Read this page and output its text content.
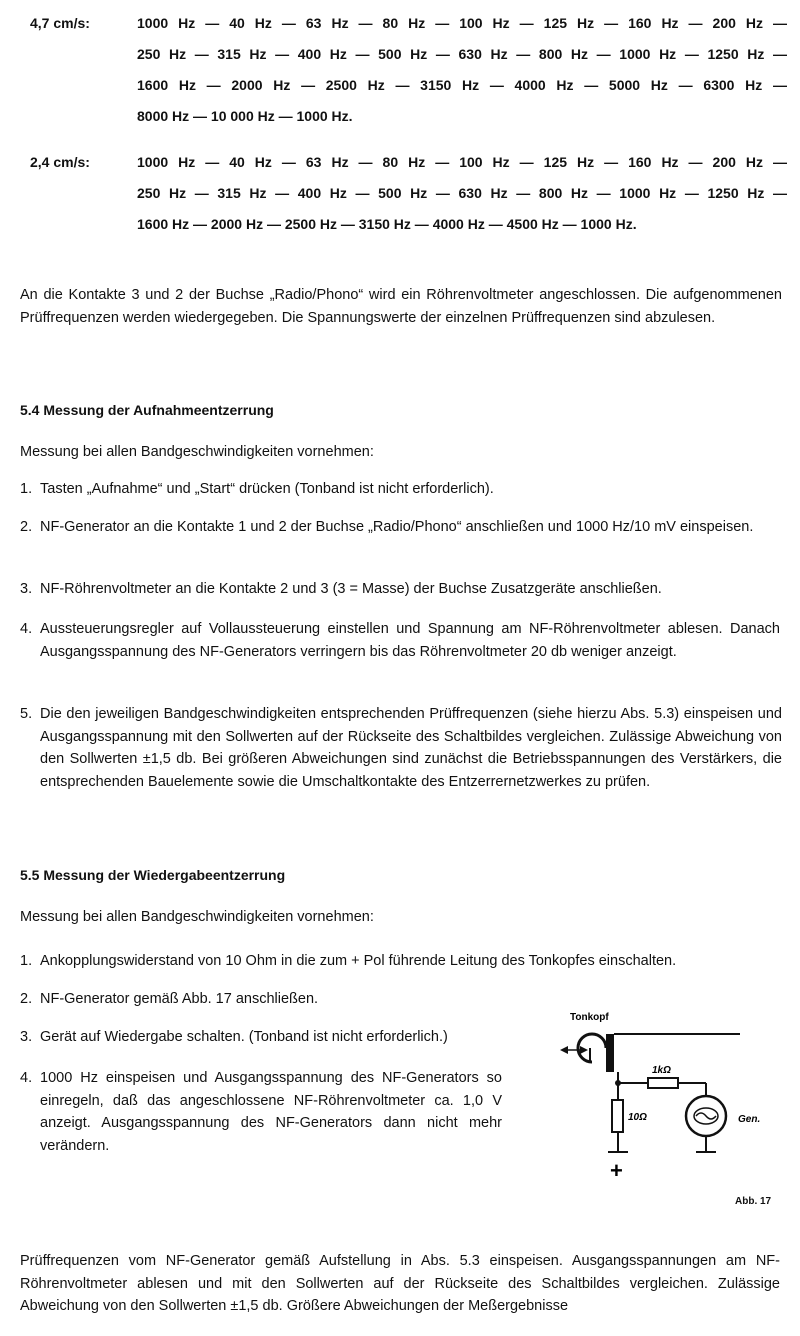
4,7 cm/s:	1000 Hz — 40 Hz — 63 Hz — 80 Hz — 100 Hz — 125 Hz — 160 Hz — 200 Hz —
250 Hz — 315 Hz — 400 Hz — 500 Hz — 630 Hz — 800 Hz — 1000 Hz — 1250 Hz —
1600 Hz — 2000 Hz — 2500 Hz — 3150 Hz — 4000 Hz — 5000 Hz — 6300 Hz —
8000 Hz — 10 000 Hz — 1000 Hz.
2,4 cm/s:	1000 Hz — 40 Hz — 63 Hz — 80 Hz — 100 Hz — 125 Hz — 160 Hz — 200 Hz —
250 Hz — 315 Hz — 400 Hz — 500 Hz — 630 Hz — 800 Hz — 1000 Hz — 1250 Hz —
1600 Hz — 2000 Hz — 2500 Hz — 3150 Hz — 4000 Hz — 4500 Hz — 1000 Hz.
An die Kontakte 3 und 2 der Buchse „Radio/Phono“ wird ein Röhrenvoltmeter angeschlossen. Die aufgenommenen Prüffrequenzen werden wiedergegeben. Die Spannungswerte der einzelnen Prüffrequenzen sind abzulesen.
5.4 Messung der Aufnahmeentzerrung
Messung bei allen Bandgeschwindigkeiten vornehmen:
1. Tasten „Aufnahme“ und „Start“ drücken (Tonband ist nicht erforderlich).
2. NF-Generator an die Kontakte 1 und 2 der Buchse „Radio/Phono“ anschließen und 1000 Hz/10 mV einspeisen.
3. NF-Röhrenvoltmeter an die Kontakte 2 und 3 (3 = Masse) der Buchse Zusatzgeräte anschließen.
4. Aussteuerungsregler auf Vollaussteuerung einstellen und Spannung am NF-Röhrenvoltmeter ablesen. Danach Ausgangsspannung des NF-Generators verringern bis das Röhrenvoltmeter 20 db weniger anzeigt.
5. Die den jeweiligen Bandgeschwindigkeiten entsprechenden Prüffrequenzen (siehe hierzu Abs. 5.3) einspeisen und Ausgangsspannung mit den Sollwerten auf der Rückseite des Schaltbildes vergleichen. Zulässige Abweichung von den Sollwerten ±1,5 db. Bei größeren Abweichungen sind zunächst die Betriebsspannungen des Verstärkers, die entsprechenden Bauelemente sowie die Umschaltkontakte des Entzerrernetzwerkes zu prüfen.
5.5 Messung der Wiedergabeentzerrung
Messung bei allen Bandgeschwindigkeiten vornehmen:
1. Ankopplungswiderstand von 10 Ohm in die zum + Pol führende Leitung des Tonkopfes einschalten.
2. NF-Generator gemäß Abb. 17 anschließen.
3. Gerät auf Wiedergabe schalten. (Tonband ist nicht erforderlich.)
4. 1000 Hz einspeisen und Ausgangsspannung des NF-Generators so einregeln, daß das angeschlossene NF-Röhrenvoltmeter ca. 1,0 V anzeigt. Ausgangsspannung des NF-Generators dann nicht mehr verändern.
Tonkopf
1kΩ
Gen.
10Ω
+
Abb. 17
Prüffrequenzen vom NF-Generator gemäß Aufstellung in Abs. 5.3 einspeisen. Ausgangsspannungen am NF-Röhrenvoltmeter ablesen und mit den Sollwerten auf der Rückseite des Schaltbildes vergleichen. Zulässige Abweichung von den Sollwerten ±1,5 db. Größere Abweichungen der Meßergebnisse
